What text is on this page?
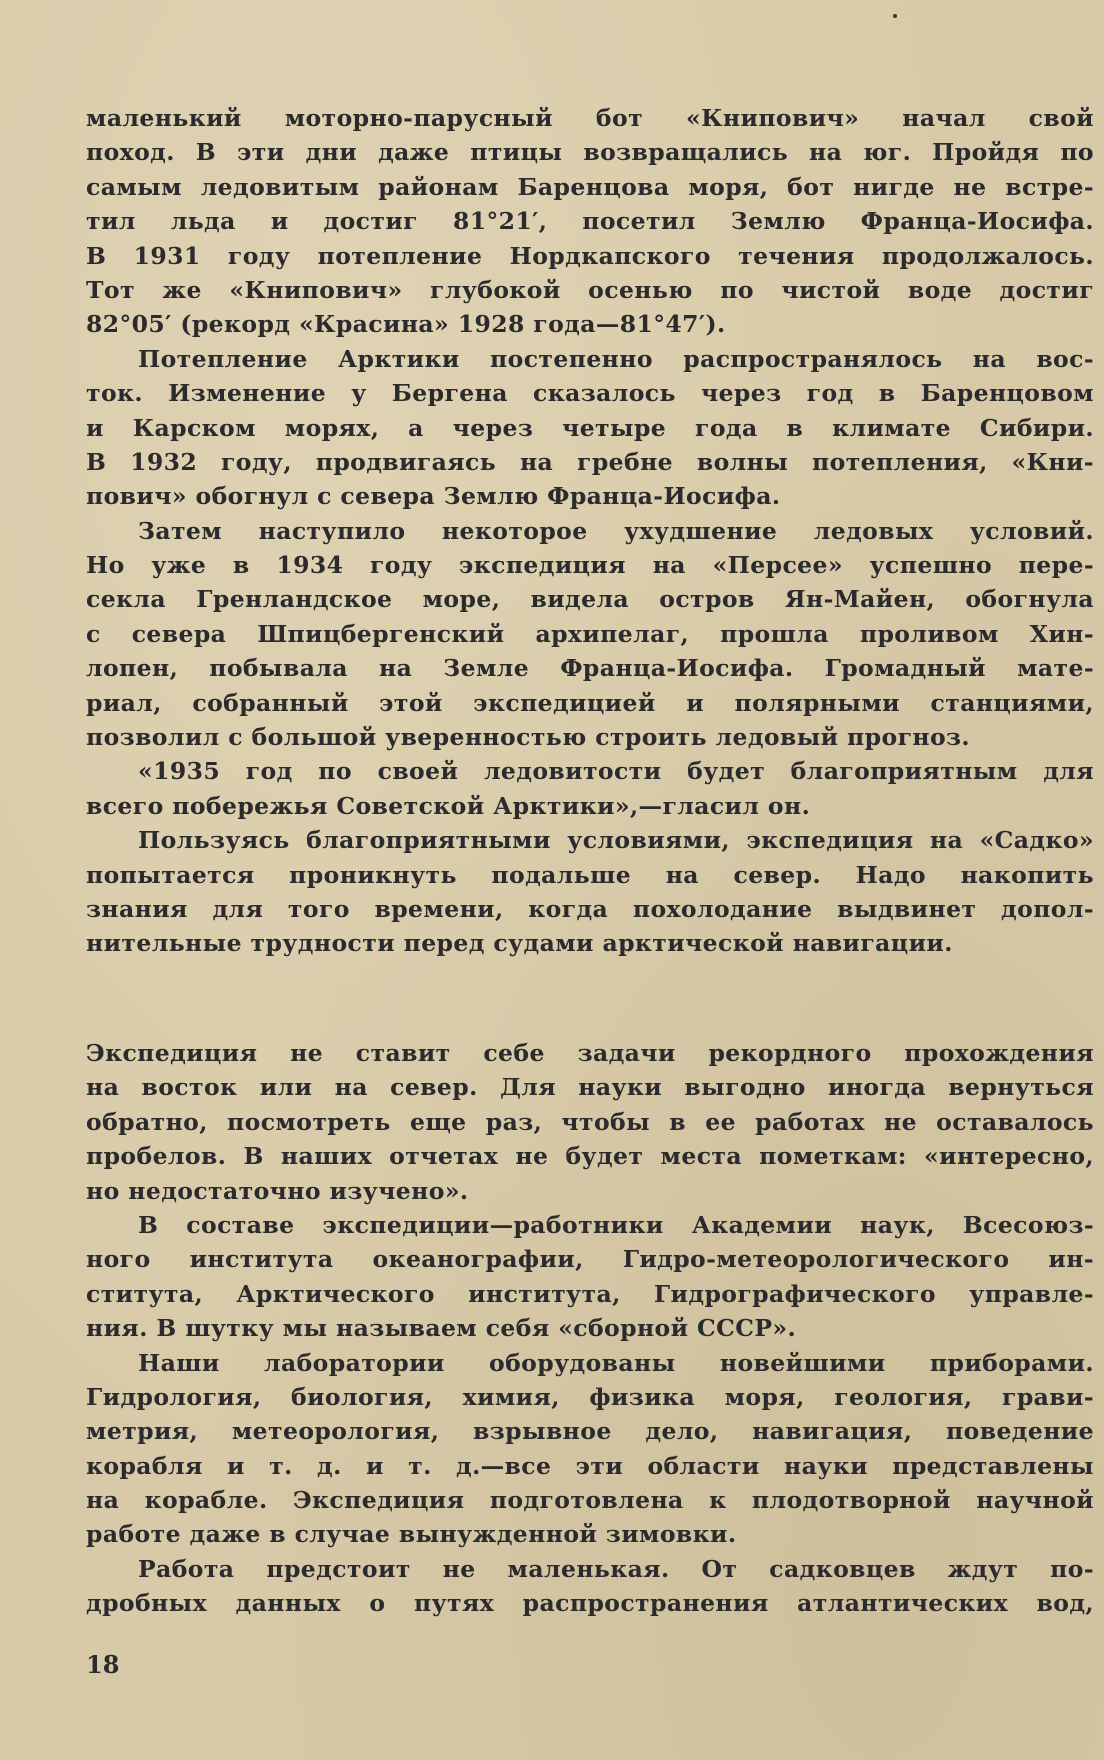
маленький моторно-парусный бот «Книпович» начал свой
поход. В эти дни даже птицы возвращались на юг. Пройдя по
самым ледовитым районам Баренцова моря, бот нигде не встре-
тил льда и достиг 81°21′, посетил Землю Франца-Иосифа.
В 1931 году потепление Нордкапского течения продолжалось.
Тот же «Книпович» глубокой осенью по чистой воде достиг
82°05′ (рекорд «Красина» 1928 года—81°47′).
Потепление Арктики постепенно распространялось на вос-
ток. Изменение у Бергена сказалось через год в Баренцовом
и Карском морях, а через четыре года в климате Сибири.
В 1932 году, продвигаясь на гребне волны потепления, «Кни-
пович» обогнул с севера Землю Франца-Иосифа.
Затем наступило некоторое ухудшение ледовых условий.
Но уже в 1934 году экспедиция на «Персее» успешно пере-
секла Гренландское море, видела остров Ян-Майен, обогнула
с севера Шпицбергенский архипелаг, прошла проливом Хин-
лопен, побывала на Земле Франца-Иосифа. Громадный мате-
риал, собранный этой экспедицией и полярными станциями,
позволил с большой уверенностью строить ледовый прогноз.
«1935 год по своей ледовитости будет благоприятным для
всего побережья Советской Арктики»,—гласил он.
Пользуясь благоприятными условиями, экспедиция на «Садко»
попытается проникнуть подальше на север. Надо накопить
знания для того времени, когда похолодание выдвинет допол-
нительные трудности перед судами арктической навигации.
Экспедиция не ставит себе задачи рекордного прохождения
на восток или на север. Для науки выгодно иногда вернуться
обратно, посмотреть еще раз, чтобы в ее работах не оставалось
пробелов. В наших отчетах не будет места пометкам: «интересно,
но недостаточно изучено».
В составе экспедиции—работники Академии наук, Всесоюз-
ного института океанографии, Гидро-метеорологического ин-
ститута, Арктического института, Гидрографического управле-
ния. В шутку мы называем себя «сборной СССР».
Наши лаборатории оборудованы новейшими приборами.
Гидрология, биология, химия, физика моря, геология, грави-
метрия, метеорология, взрывное дело, навигация, поведение
корабля и т. д. и т. д.—все эти области науки представлены
на корабле. Экспедиция подготовлена к плодотворной научной
работе даже в случае вынужденной зимовки.
Работа предстоит не маленькая. От садковцев ждут по-
дробных данных о путях распространения атлантических вод,
18
